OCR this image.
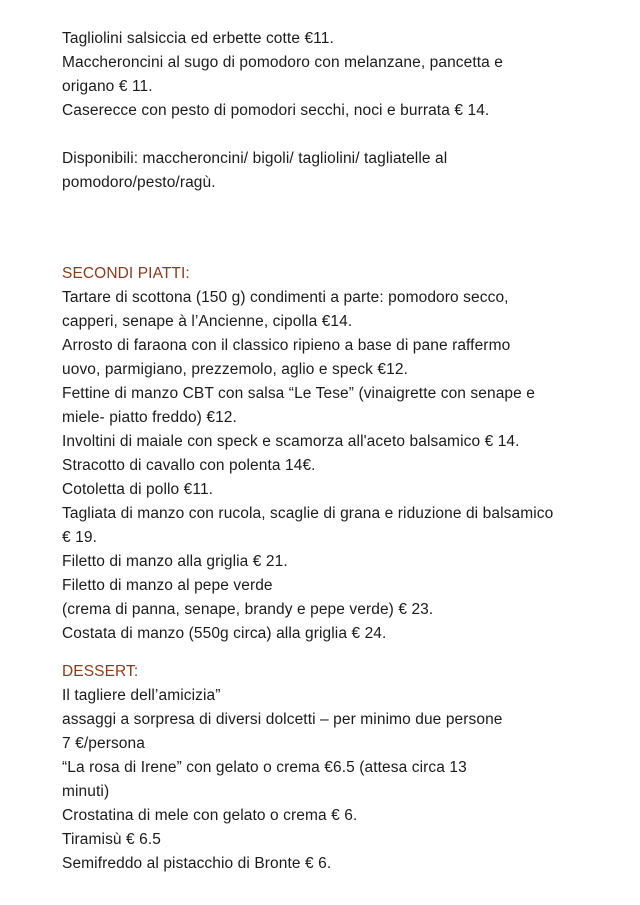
Tagliolini salsiccia ed erbette cotte €11.
Maccheroncini al sugo di pomodoro con melanzane, pancetta e
origano € 11.
Caserecce con pesto di pomodori secchi, noci e burrata € 14.
Disponibili: maccheroncini/ bigoli/ tagliolini/ tagliatelle al
pomodoro/pesto/ragù.
SECONDI PIATTI:
Tartare di scottona (150 g) condimenti a parte: pomodoro secco,
capperi, senape à l’Ancienne, cipolla €14.
Arrosto di faraona con il classico ripieno a base di pane raffermo
uovo, parmigiano, prezzemolo, aglio e speck €12.
Fettine di manzo CBT con salsa “Le Tese” (vinaigrette con senape e
miele- piatto freddo) €12.
Involtini di maiale con speck e scamorza all'aceto balsamico € 14.
Stracotto di cavallo con polenta 14€.
Cotoletta di pollo €11.
Tagliata di manzo con rucola, scaglie di grana e riduzione di balsamico
€ 19.
Filetto di manzo alla griglia € 21.
Filetto di manzo al pepe verde
(crema di panna, senape, brandy e pepe verde) € 23.
Costata di manzo (550g circa) alla griglia € 24.
DESSERT:
Il tagliere dell’amicizia”
assaggi a sorpresa di diversi dolcetti – per minimo due persone
7 €/persona
“La rosa di Irene” con gelato o crema €6.5 (attesa circa 13
minuti)
Crostatina di mele con gelato o crema € 6.
Tiramisù € 6.5
Semifreddo al pistacchio di Bronte € 6.
